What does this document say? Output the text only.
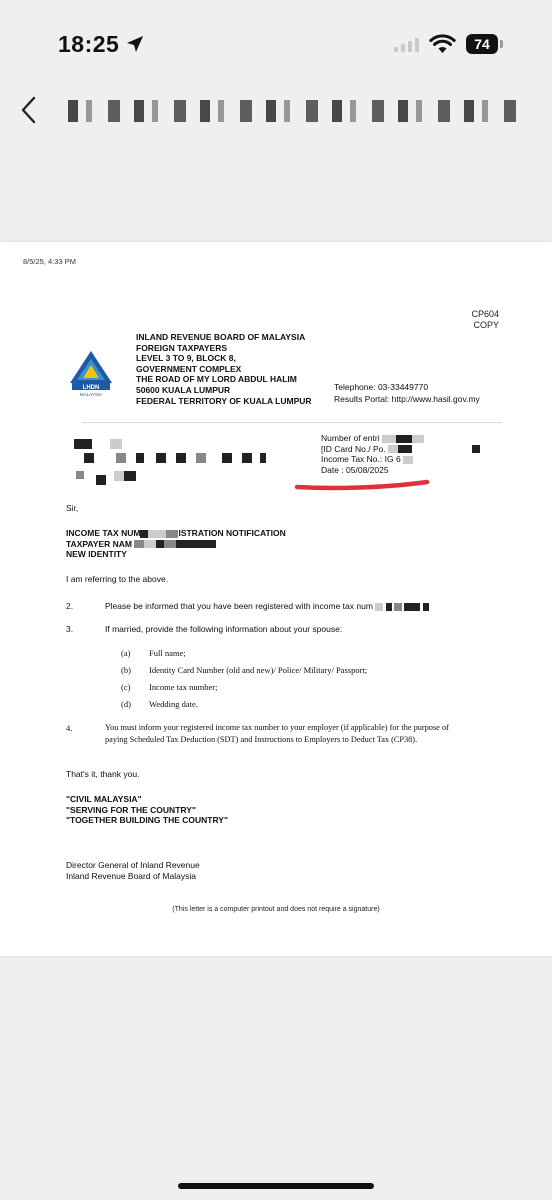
18:25	74
8/5/25, 4:33 PM
CP604
COPY
LHDN
MALAYSIA
INLAND REVENUE BOARD OF MALAYSIA
FOREIGN TAXPAYERS
LEVEL 3 TO 9, BLOCK 8,
GOVERNMENT COMPLEX
THE ROAD OF MY LORD ABDUL HALIM
50600 KUALA LUMPUR
FEDERAL TERRITORY OF KUALA LUMPUR
Telephone: 03-33449770
Results Portal: http://www.hasil.gov.my
Number of entri
[ID Card No./ Po.
Income Tax No.: IG 6
Date : 05/08/2025
Sir,
INCOME TAX NUM	ISTRATION NOTIFICATION
TAXPAYER NAM
NEW IDENTITY
I am referring to the above.
2.	Please be informed that you have been registered with income tax num
3.	If married, provide the following information about your spouse:
(a) Full name;
(b) Identity Card Number (old and new)/ Police/ Military/ Passport;
(c) Income tax number;
(d) Wedding date.
4.	You must inform your registered income tax number to your employer (if applicable) for the purpose of
paying Scheduled Tax Deduction (SDT) and Instructions to Employers to Deduct Tax (CP38).
That's it, thank you.
"CIVIL MALAYSIA"
"SERVING FOR THE COUNTRY"
"TOGETHER BUILDING THE COUNTRY"
Director General of Inland Revenue
Inland Revenue Board of Malaysia
(This letter is a computer printout and does not require a signature)
